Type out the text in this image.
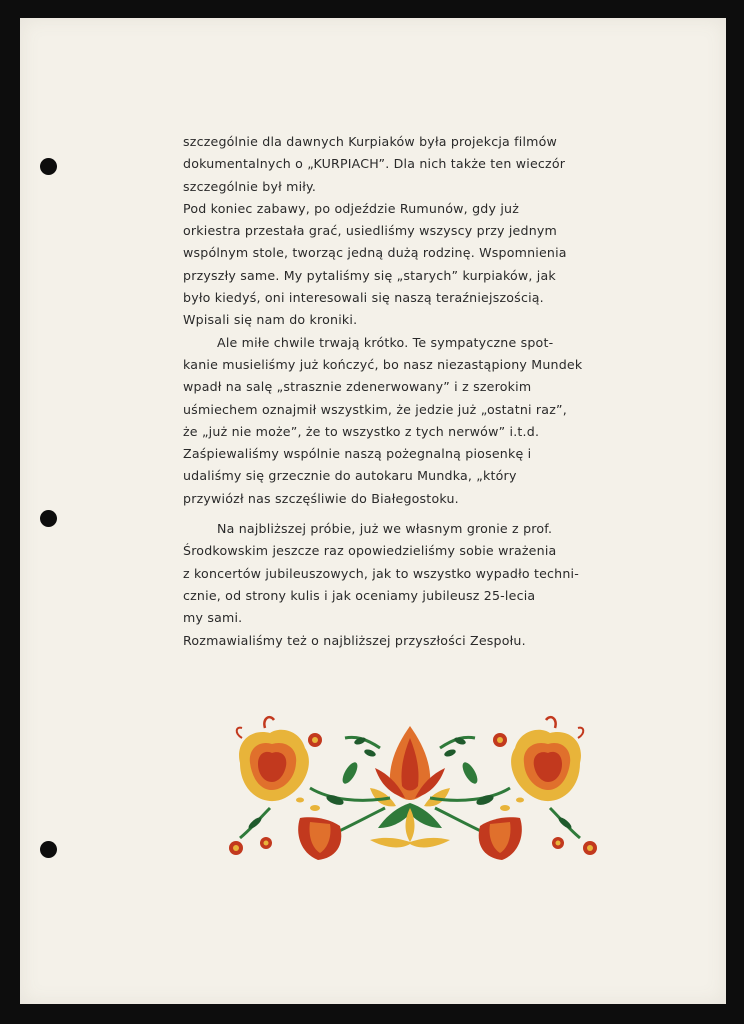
szczególnie dla dawnych Kurpiaków była projekcja filmów
dokumentalnych o „KURPIACH”. Dla nich także ten wieczór
szczególnie był miły.
Pod koniec zabawy, po odjeździe Rumunów, gdy już
orkiestra przestała grać, usiedliśmy wszyscy przy jednym
wspólnym stole, tworząc jedną dużą rodzinę. Wspomnienia
przyszły same. My pytaliśmy się „starych” kurpiaków, jak
było kiedyś, oni interesowali się naszą teraźniejszością.
Wpisali się nam do kroniki.
Ale miłe chwile trwają krótko. Te sympatyczne spot-
kanie musieliśmy już kończyć, bo nasz niezastąpiony Mundek
wpadł na salę „strasznie zdenerwowany” i z szerokim
uśmiechem oznajmił wszystkim, że jedzie już „ostatni raz”,
że „już nie może”, że to wszystko z tych nerwów” i.t.d.
Zaśpiewaliśmy wspólnie naszą pożegnalną piosenkę i
udaliśmy się grzecznie do autokaru Mundka, „który
przywiózł nas szczęśliwie do Białegostoku.
Na najbliższej próbie, już we własnym gronie z prof.
Środkowskim jeszcze raz opowiedzieliśmy sobie wrażenia
z koncertów jubileuszowych, jak to wszystko wypadło techni-
cznie, od strony kulis i jak oceniamy jubileusz 25-lecia
my sami.
Rozmawialiśmy też o najbliższej przyszłości Zespołu.
